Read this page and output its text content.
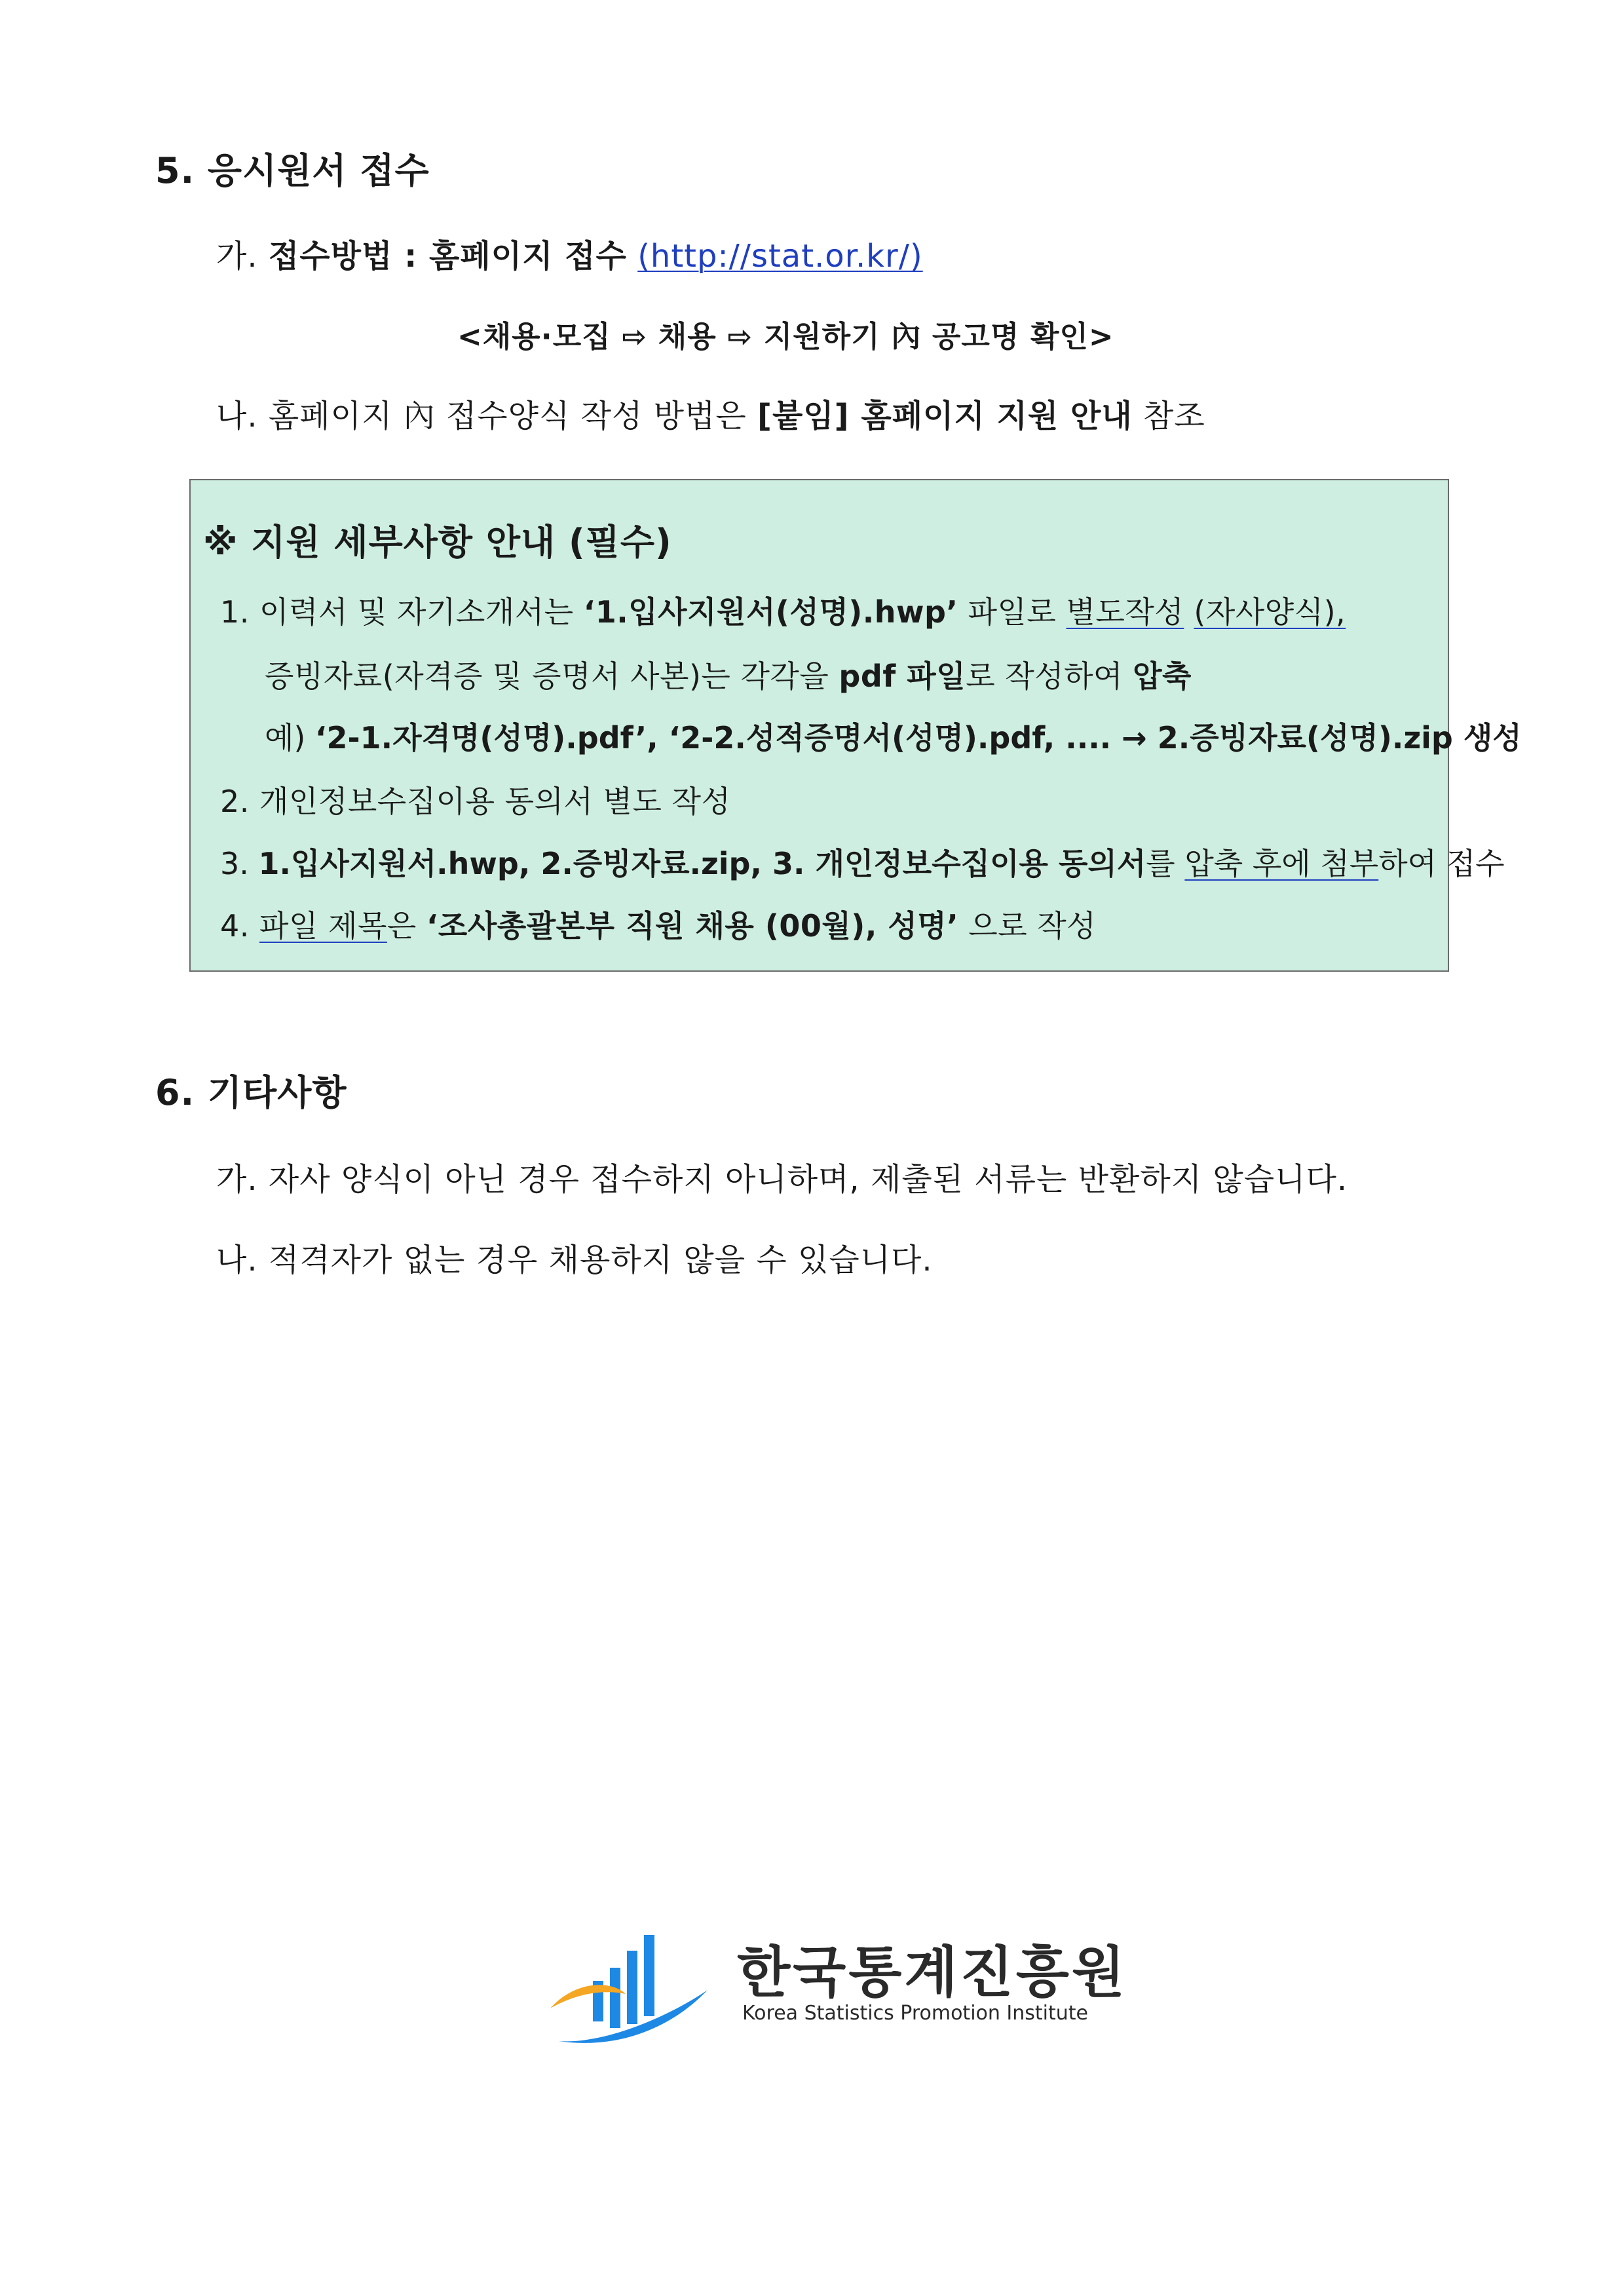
5. 응시원서 접수
가. 접수방법 : 홈페이지 접수 (http://stat.or.kr/)
<채용·모집 ⇨ 채용 ⇨ 지원하기 內 공고명 확인>
나. 홈페이지 內 접수양식 작성 방법은 [붙임] 홈페이지 지원 안내 참조
※ 지원 세부사항 안내 (필수)
1. 이력서 및 자기소개서는 ‘1.입사지원서(성명).hwp’ 파일로 별도작성 (자사양식),
증빙자료(자격증 및 증명서 사본)는 각각을 pdf 파일로 작성하여 압축
예) ‘2-1.자격명(성명).pdf’, ‘2-2.성적증명서(성명).pdf, .... → 2.증빙자료(성명).zip 생성
2. 개인정보수집이용 동의서 별도 작성
3. 1.입사지원서.hwp, 2.증빙자료.zip, 3. 개인정보수집이용 동의서를 압축 후에 첨부하여 접수
4. 파일 제목은 ‘조사총괄본부 직원 채용 (00월), 성명’ 으로 작성
6. 기타사항
가. 자사 양식이 아닌 경우 접수하지 아니하며, 제출된 서류는 반환하지 않습니다.
나. 적격자가 없는 경우 채용하지 않을 수 있습니다.
한국통계진흥원
Korea Statistics Promotion Institute
